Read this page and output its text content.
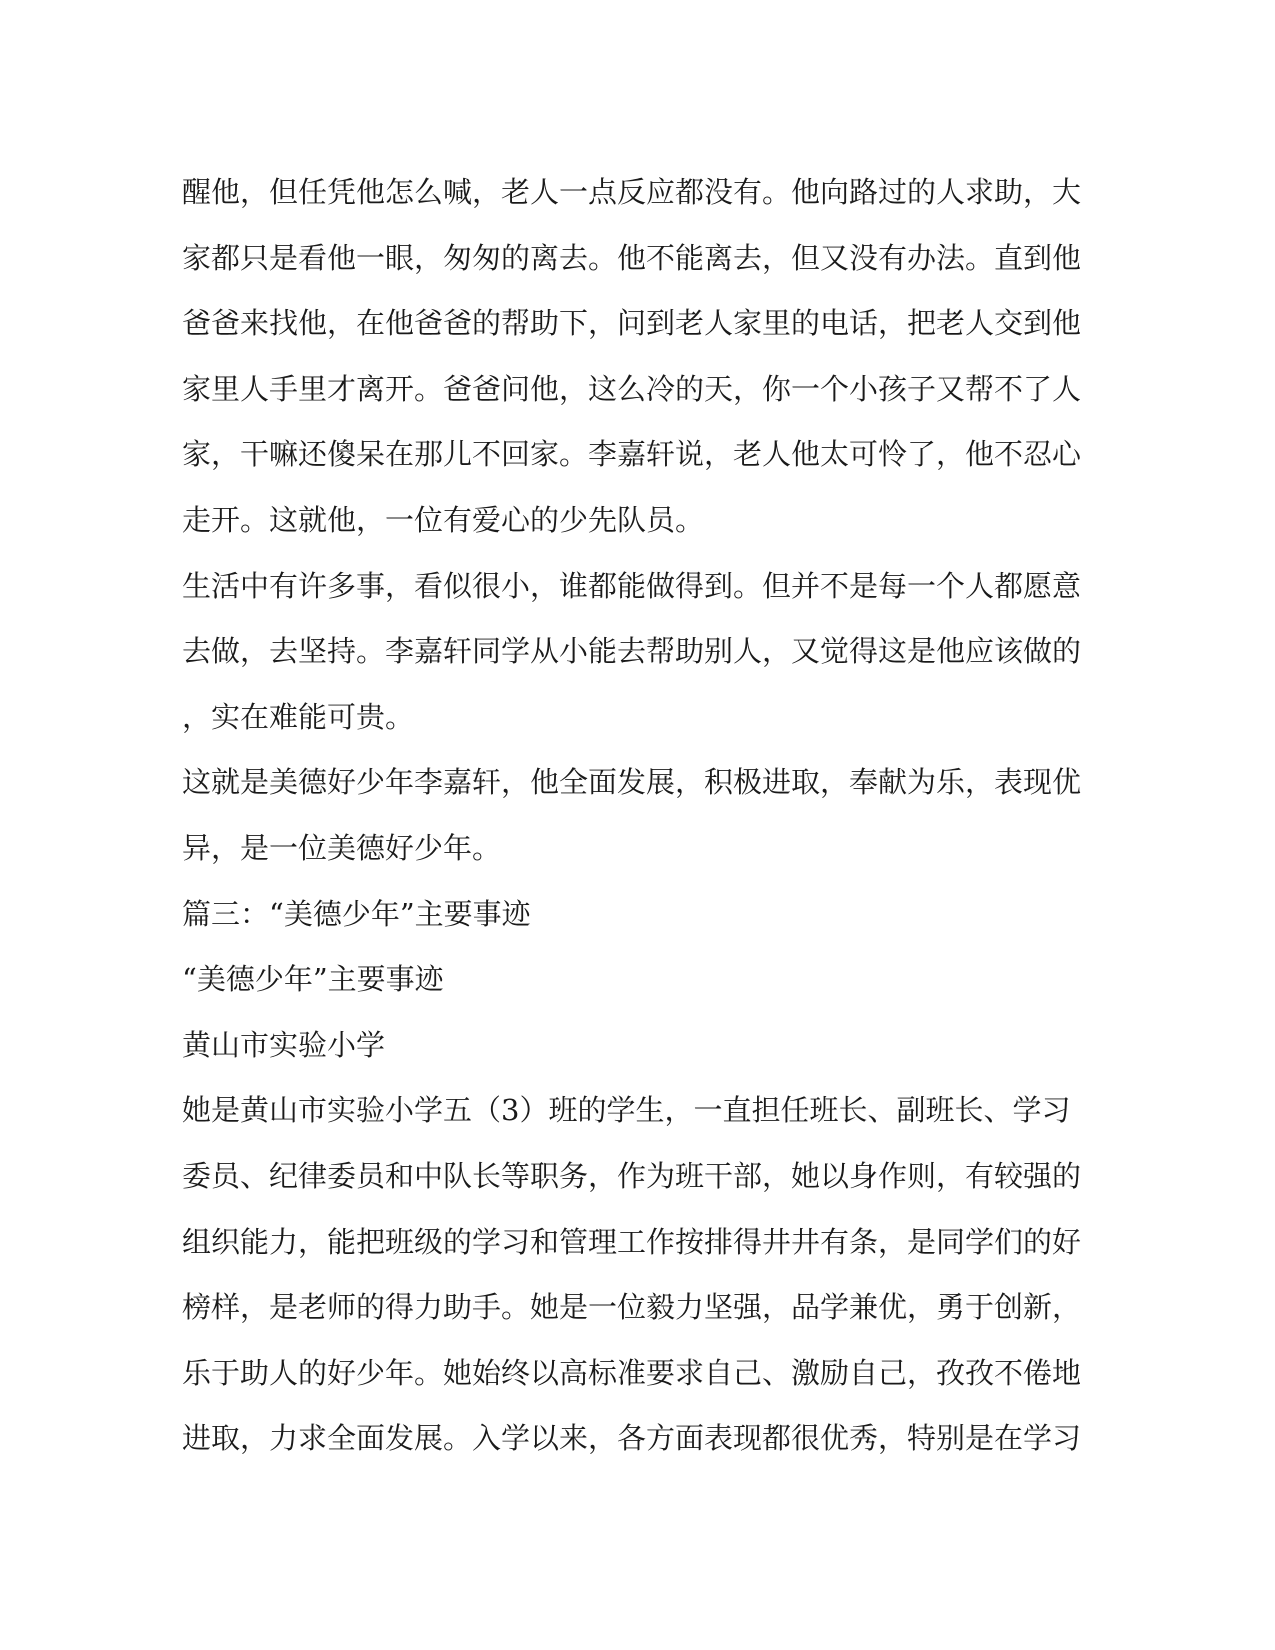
醒他，但任凭他怎么喊，老人一点反应都没有。他向路过的人求助，大
家都只是看他一眼，匆匆的离去。他不能离去，但又没有办法。直到他
爸爸来找他，在他爸爸的帮助下，问到老人家里的电话，把老人交到他
家里人手里才离开。爸爸问他，这么冷的天，你一个小孩子又帮不了人
家，干嘛还傻呆在那儿不回家。李嘉轩说，老人他太可怜了，他不忍心
走开。这就他，一位有爱心的少先队员。
生活中有许多事，看似很小，谁都能做得到。但并不是每一个人都愿意
去做，去坚持。李嘉轩同学从小能去帮助别人，又觉得这是他应该做的
，实在难能可贵。
这就是美德好少年李嘉轩，他全面发展，积极进取，奉献为乐，表现优
异，是一位美德好少年。
篇三：“美德少年”主要事迹
“美德少年”主要事迹
黄山市实验小学
她是黄山市实验小学五（3）班的学生，一直担任班长、副班长、学习
委员、纪律委员和中队长等职务，作为班干部，她以身作则，有较强的
组织能力，能把班级的学习和管理工作按排得井井有条，是同学们的好
榜样，是老师的得力助手。她是一位毅力坚强，品学兼优，勇于创新，
乐于助人的好少年。她始终以高标准要求自己、激励自己，孜孜不倦地
进取，力求全面发展。入学以来，各方面表现都很优秀，特别是在学习
